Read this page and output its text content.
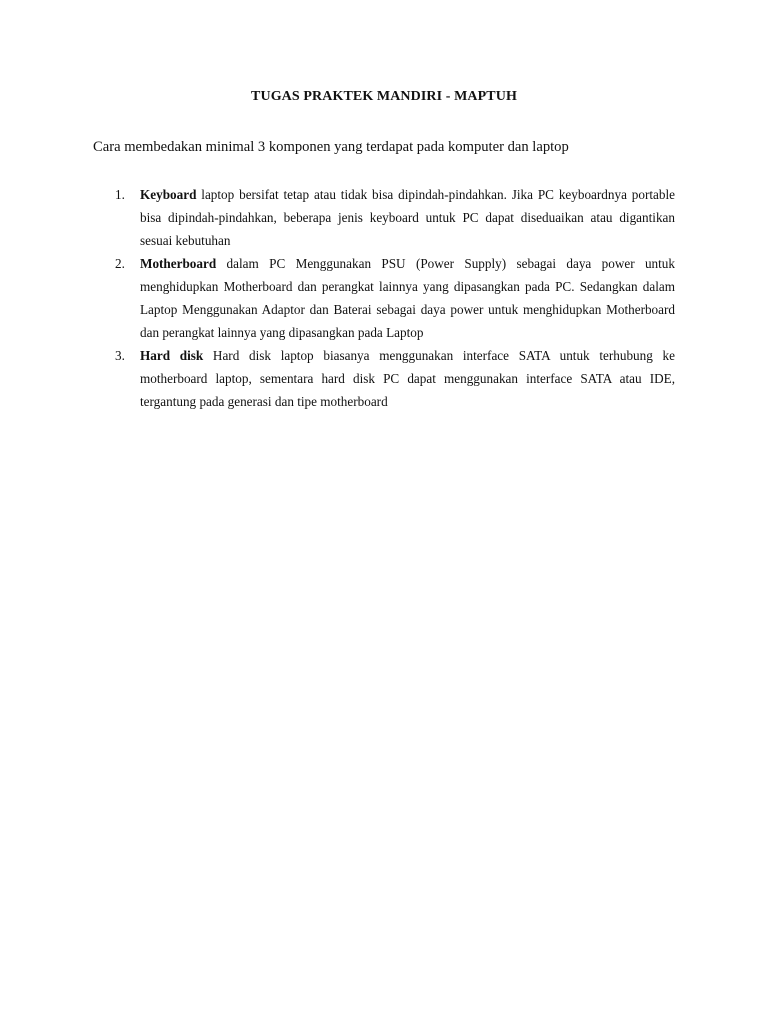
TUGAS PRAKTEK MANDIRI - MAPTUH
Cara membedakan minimal 3 komponen yang terdapat pada komputer dan laptop
1. Keyboard laptop bersifat tetap atau tidak bisa dipindah-pindahkan. Jika PC keyboardnya portable bisa dipindah-pindahkan, beberapa jenis keyboard untuk PC dapat diseduaikan atau digantikan sesuai kebutuhan
2. Motherboard dalam PC Menggunakan PSU (Power Supply) sebagai daya power untuk menghidupkan Motherboard dan perangkat lainnya yang dipasangkan pada PC. Sedangkan dalam Laptop Menggunakan Adaptor dan Baterai sebagai daya power untuk menghidupkan Motherboard dan perangkat lainnya yang dipasangkan pada Laptop
3. Hard disk Hard disk laptop biasanya menggunakan interface SATA untuk terhubung ke motherboard laptop, sementara hard disk PC dapat menggunakan interface SATA atau IDE, tergantung pada generasi dan tipe motherboard
